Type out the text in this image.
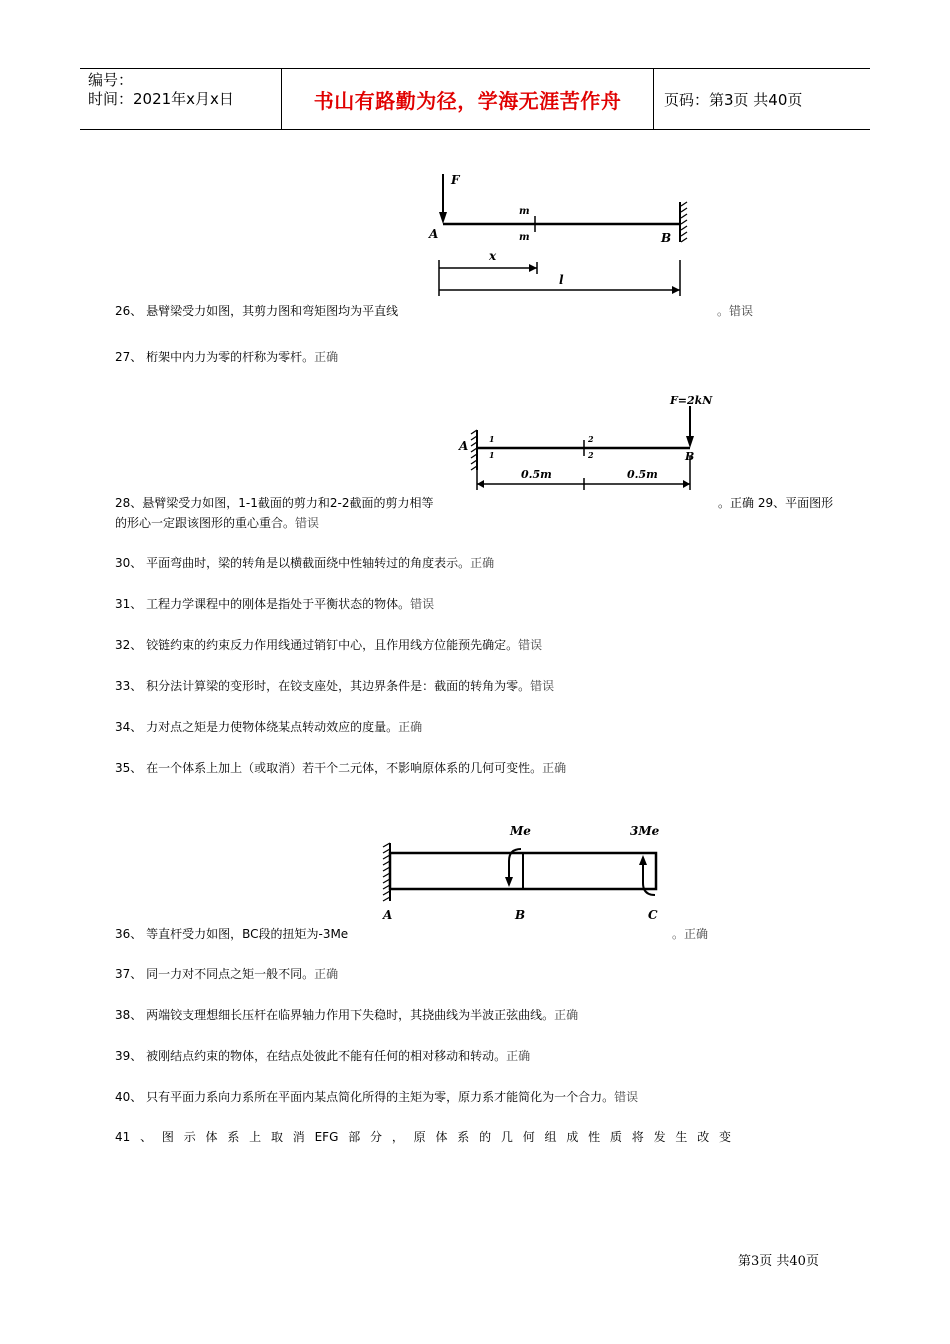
编号：
时间：2021年x月x日	书山有路勤为径，学海无涯苦作舟	页码：第3页 共40页
F
A	B
m
m
x
l
F=2kN
A
B
1
1
2
2
0.5m	0.5m
Me	3Me
A	B	C
26、 悬臂梁受力如图，其剪力图和弯矩图均为平直线	。错误
27、 桁架中内力为零的杆称为零杆。正确
28、悬臂梁受力如图，1-1截面的剪力和2-2截面的剪力相等	。正确 29、平面图形
的形心一定跟该图形的重心重合。错误
30、 平面弯曲时，梁的转角是以横截面绕中性轴转过的角度表示。正确
31、 工程力学课程中的刚体是指处于平衡状态的物体。错误
32、 铰链约束的约束反力作用线通过销钉中心，且作用线方位能预先确定。错误
33、 积分法计算梁的变形时，在铰支座处，其边界条件是：截面的转角为零。错误
34、 力对点之矩是力使物体绕某点转动效应的度量。正确
35、 在一个体系上加上（或取消）若干个二元体，不影响原体系的几何可变性。正确
36、 等直杆受力如图，BC段的扭矩为-3Me	。正确
37、 同一力对不同点之矩一般不同。正确
38、 两端铰支理想细长压杆在临界轴力作用下失稳时，其挠曲线为半波正弦曲线。正确
39、 被刚结点约束的物体，在结点处彼此不能有任何的相对移动和转动。正确
40、 只有平面力系向力系所在平面内某点简化所得的主矩为零，原力系才能简化为一个合力。错误
41 、 图 示 体 系 上 取 消 EFG 部 分 ， 原 体 系 的 几 何 组 成 性 质 将 发 生 改 变
第3页 共40页
